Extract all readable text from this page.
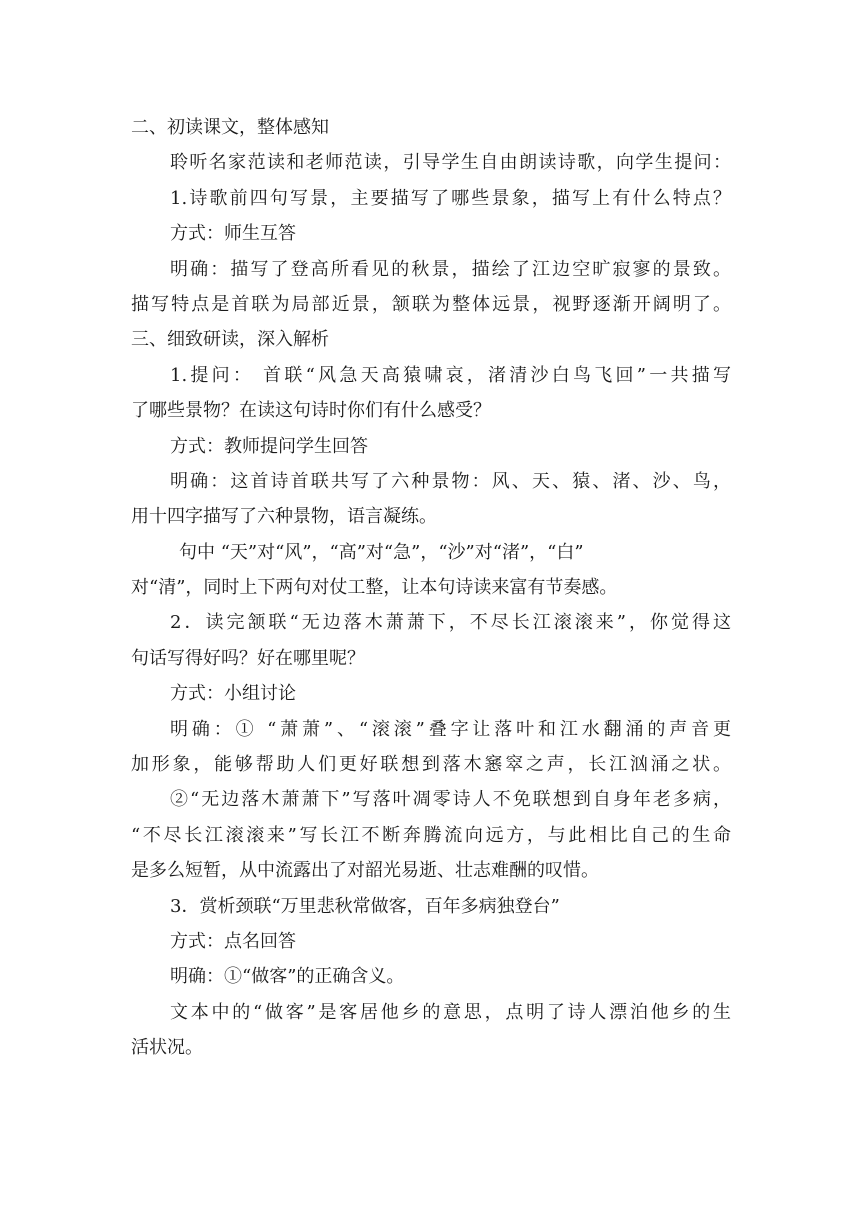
二、初读课文，整体感知
聆听名家范读和老师范读，引导学生自由朗读诗歌，向学生提问：
1.诗歌前四句写景，主要描写了哪些景象，描写上有什么特点？
方式：师生互答
明确：描写了登高所看见的秋景，描绘了江边空旷寂寥的景致。
描写特点是首联为局部近景，颔联为整体远景，视野逐渐开阔明了。
三、细致研读，深入解析
1.提问： 首联“风急天高猿啸哀，渚清沙白鸟飞回”一共描写
了哪些景物？在读这句诗时你们有什么感受？
方式：教师提问学生回答
明确：这首诗首联共写了六种景物：风、天、猿、渚、沙、鸟，
用十四字描写了六种景物，语言凝练。
句中 “天”对“风”，“高”对“急”，“沙”对“渚”，“白”
对“清”，同时上下两句对仗工整，让本句诗读来富有节奏感。
2．读完颔联“无边落木萧萧下，不尽长江滚滚来”，你觉得这
句话写得好吗？好在哪里呢？
方式：小组讨论
明确：① “萧萧”、“滚滚”叠字让落叶和江水翻涌的声音更
加形象，能够帮助人们更好联想到落木窸窣之声，长江汹涌之状。
②“无边落木萧萧下”写落叶凋零诗人不免联想到自身年老多病，
“不尽长江滚滚来”写长江不断奔腾流向远方，与此相比自己的生命
是多么短暂，从中流露出了对韶光易逝、壮志难酬的叹惜。
3．赏析颈联“万里悲秋常做客，百年多病独登台”
方式：点名回答
明确：①“做客”的正确含义。
文本中的“做客”是客居他乡的意思，点明了诗人漂泊他乡的生
活状况。
